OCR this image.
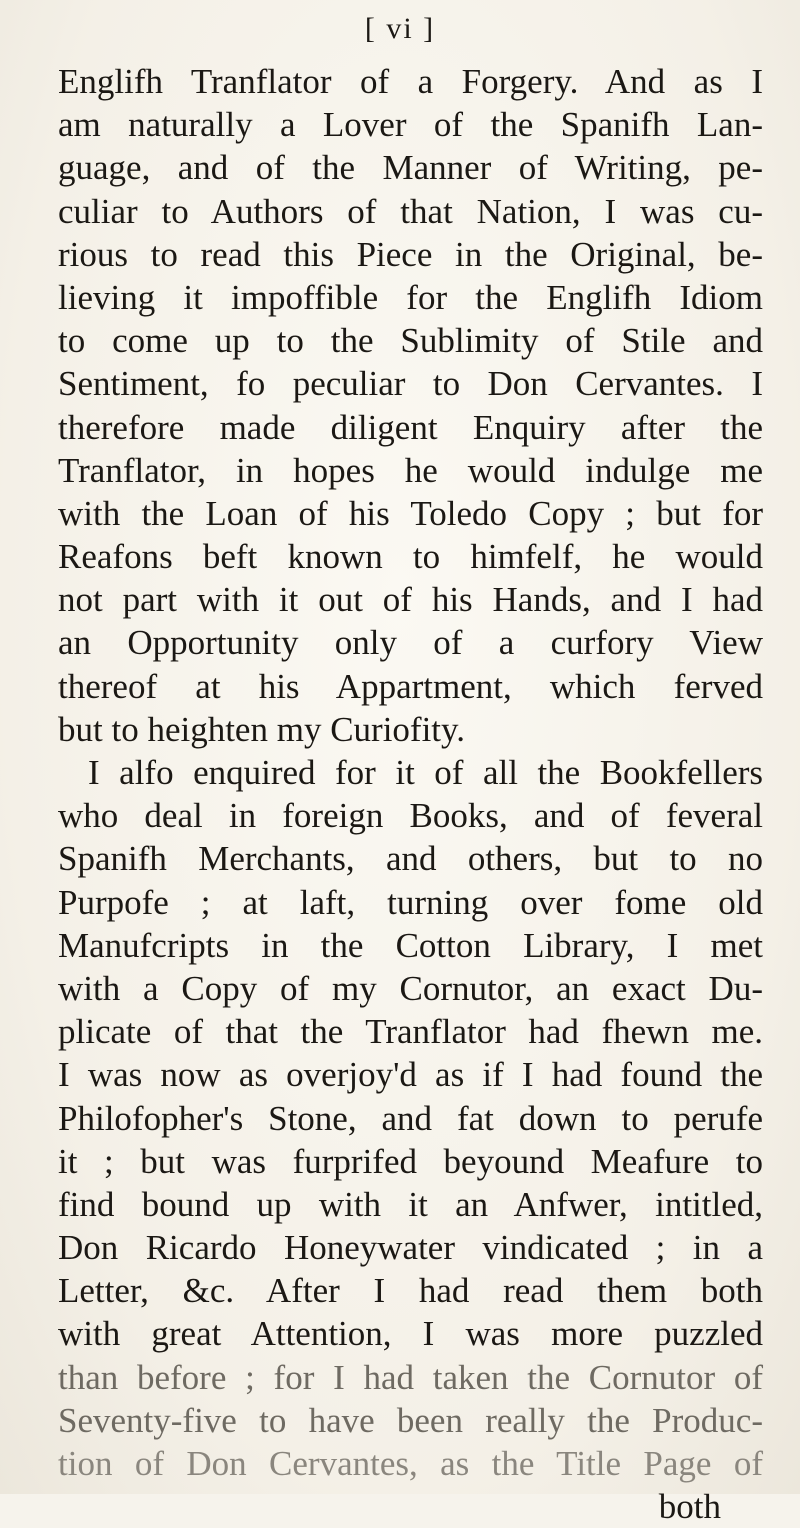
[ vi ]
Englifh Tranflator of a Forgery. And as I
am naturally a Lover of the Spanifh Lan-
guage, and of the Manner of Writing, pe-
culiar to Authors of that Nation, I was cu-
rious to read this Piece in the Original, be-
lieving it impoffible for the Englifh Idiom
to come up to the Sublimity of Stile and
Sentiment, fo peculiar to Don Cervantes. I
therefore made diligent Enquiry after the
Tranflator, in hopes he would indulge me
with the Loan of his Toledo Copy ; but for
Reafons beft known to himfelf, he would
not part with it out of his Hands, and I had
an Opportunity only of a curfory View
thereof at his Appartment, which ferved
but to heighten my Curiofity.
I alfo enquired for it of all the Bookfellers
who deal in foreign Books, and of feveral
Spanifh Merchants, and others, but to no
Purpofe ; at laft, turning over fome old
Manufcripts in the Cotton Library, I met
with a Copy of my Cornutor, an exact Du-
plicate of that the Tranflator had fhewn me.
I was now as overjoy'd as if I had found the
Philofopher's Stone, and fat down to perufe
it ; but was furprifed beyound Meafure to
find bound up with it an Anfwer, intitled,
Don Ricardo Honeywater vindicated ; in a
Letter, &c. After I had read them both
with great Attention, I was more puzzled
than before ; for I had taken the Cornutor of
Seventy-five to have been really the Produc-
tion of Don Cervantes, as the Title Page of
both
